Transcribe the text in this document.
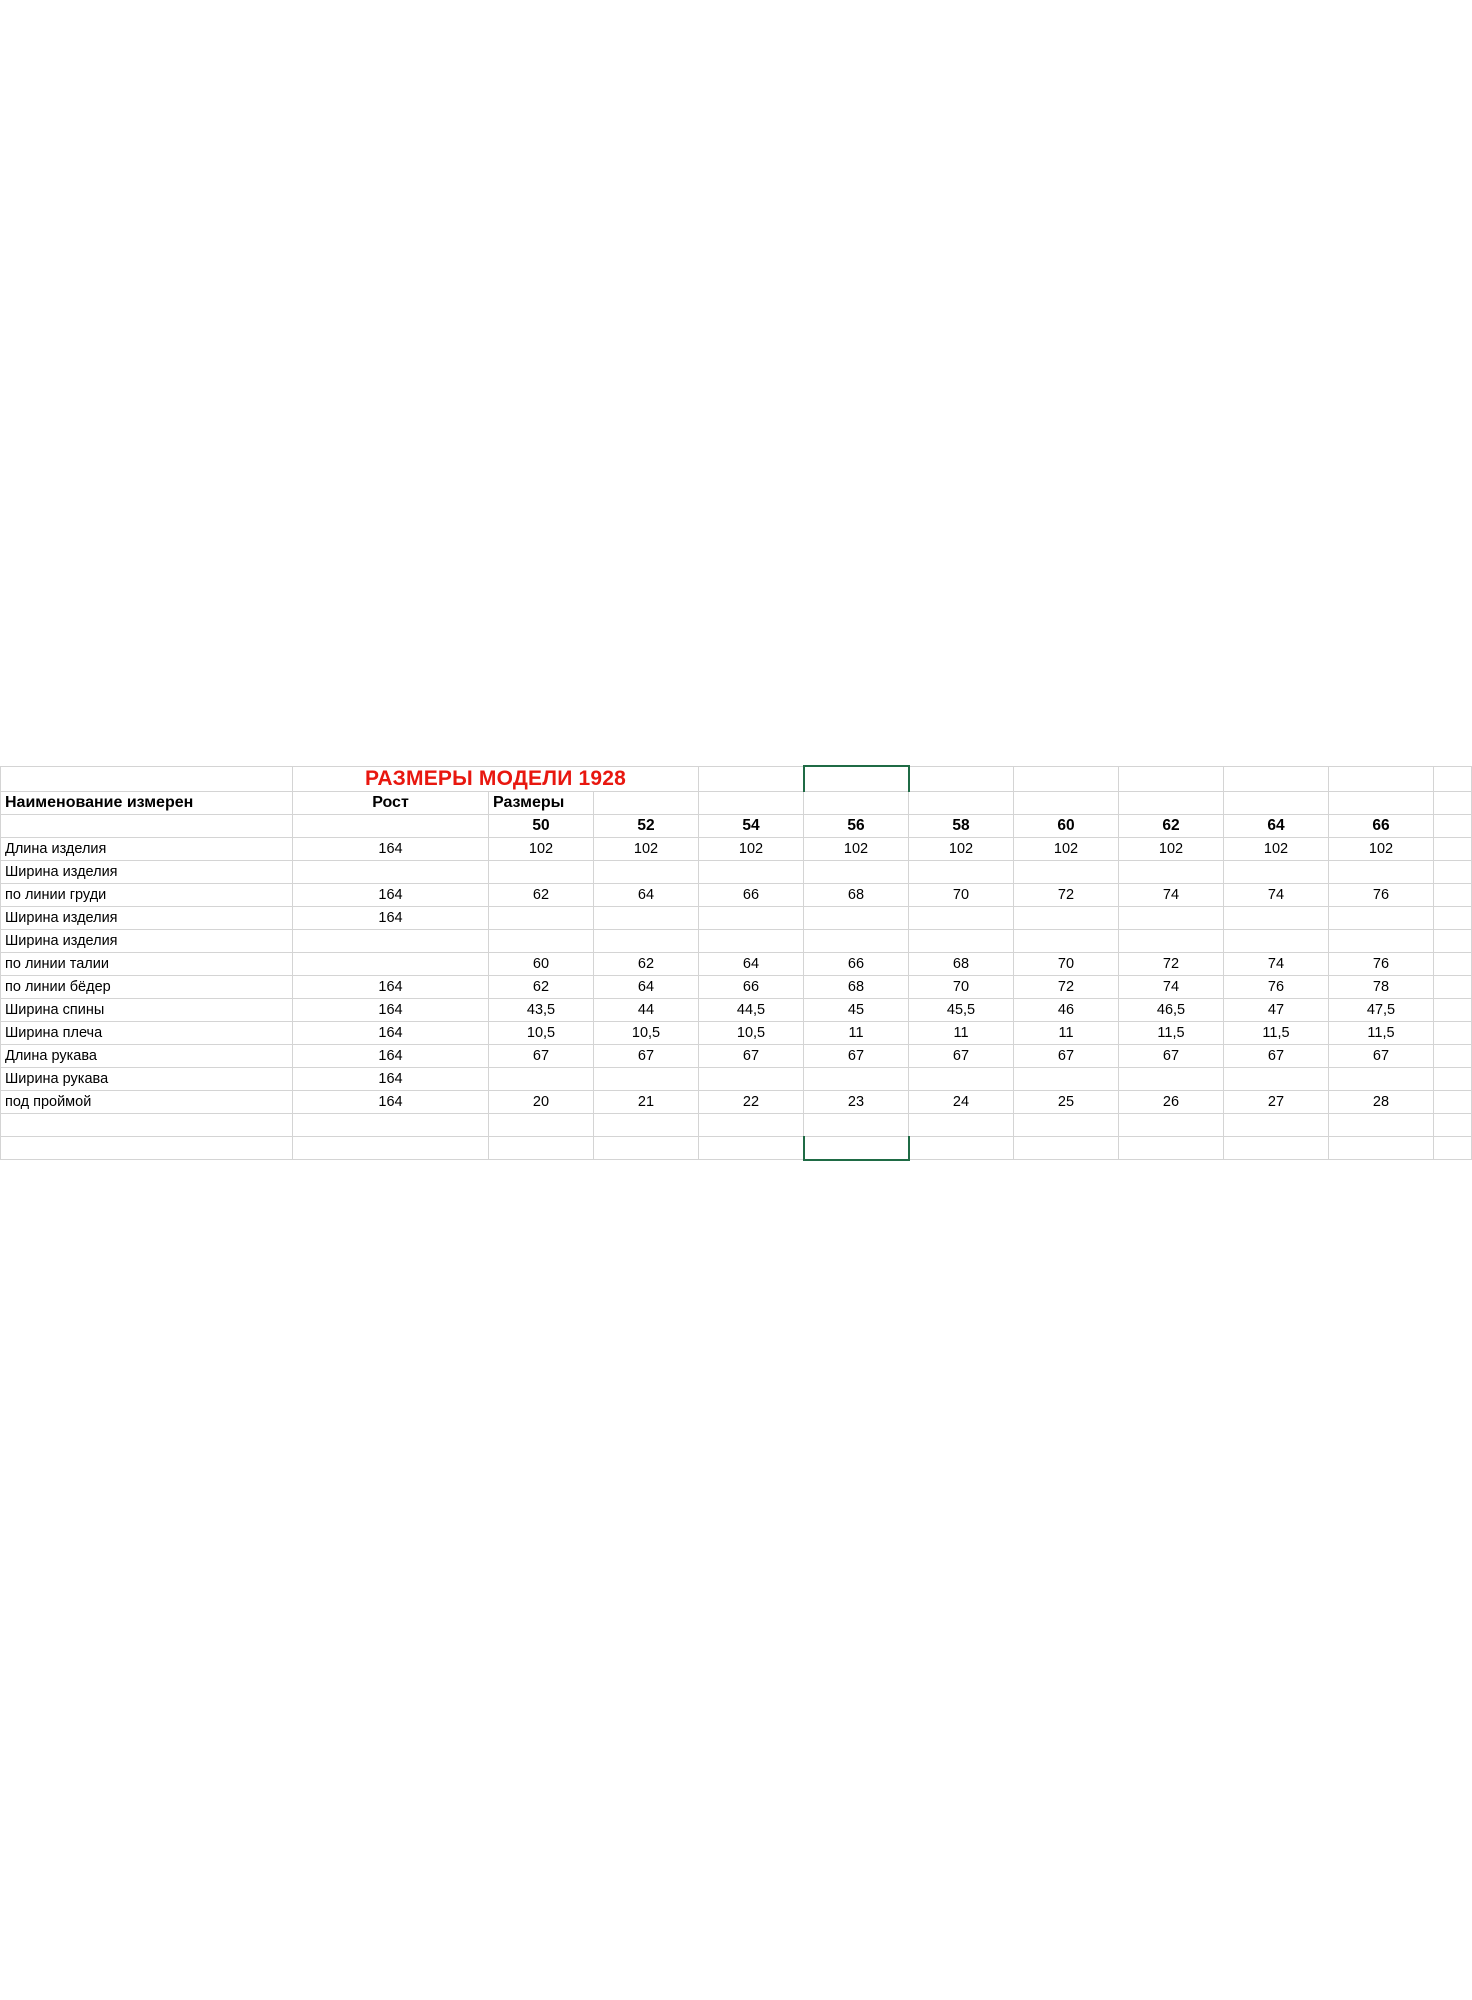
	РАЗМЕРЫ МОДЕЛИ 1928										
Наименование измерен	Рост	Размеры									
		50	52	54	56	58	60	62	64	66	
Длина изделия	164	102	102	102	102	102	102	102	102	102	
Ширина изделия											
по линии груди	164	62	64	66	68	70	72	74	74	76	
Ширина изделия	164										
Ширина изделия											
по линии талии		60	62	64	66	68	70	72	74	76	
по линии бёдер	164	62	64	66	68	70	72	74	76	78	
Ширина спины	164	43,5	44	44,5	45	45,5	46	46,5	47	47,5	
Ширина плеча	164	10,5	10,5	10,5	11	11	11	11,5	11,5	11,5	
Длина рукава	164	67	67	67	67	67	67	67	67	67	
Ширина рукава	164										
под проймой	164	20	21	22	23	24	25	26	27	28	
